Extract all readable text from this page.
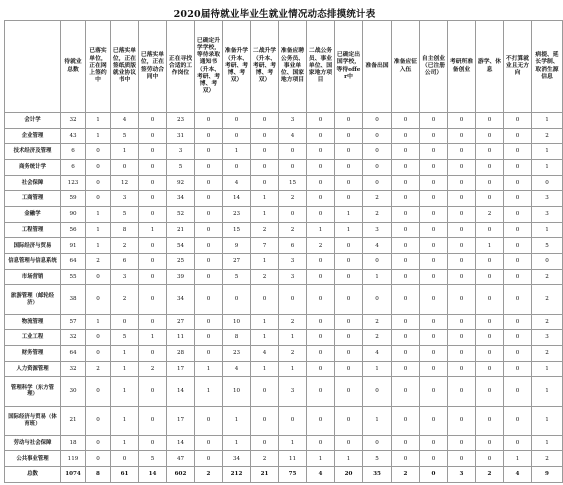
2020届待就业毕业生就业情况动态排摸统计表
	待就业总数	已落实单位，正在网上签约中	已落实单位，正在签纸质版就业协议书中	已落实单位，正在签劳动合同中	正在寻找合适的工作岗位	已确定升学学校，等待录取通知书（升本、考研、考博、考双）	准备升学（升本、考研、考博、考双）	二战升学（升本、考研、考博、考双）	准备应聘公务员、事业单位、国家地方项目	二战公务员、事业单位、国家地方项目	已确定出国学校，等待offer中	准备出国	准备应征入伍	自主创业（已注册公司）	考研所准备创业	游学、休息	不打算就业且无方向	病提、延长学制、取消生源信息
会计学	32	1	4	0	23	0	0	0	3	0	0	0	0	0	0	0	0	1
企业管理	43	1	5	0	31	0	0	0	4	0	0	0	0	0	0	0	0	2
技术经济及管理	6	0	1	0	3	0	1	0	0	0	0	0	0	0	0	0	0	1
商务统计学	6	0	0	0	5	0	0	0	0	0	0	0	0	0	0	0	0	1
社会保障	123	0	12	0	92	0	4	0	15	0	0	0	0	0	0	0	0	0
工商管理	59	0	3	0	34	0	14	1	2	0	0	2	0	0	0	0	0	3
金融学	90	1	5	0	52	0	23	1	0	0	1	2	0	0	0	2	0	3
工程管理	56	1	8	1	21	0	15	2	2	1	1	3	0	0	0	0	0	1
国际经济与贸易	91	1	2	0	54	0	9	7	6	2	0	4	0	0	0	1	0	5
信息管理与信息系统	64	2	6	0	25	0	27	1	3	0	0	0	0	0	0	0	0	0
市场营销	55	0	3	0	39	0	5	2	3	0	0	1	0	0	0	0	0	2
旅游管理（邮轮经济）	38	0	2	0	34	0	0	0	0	0	0	0	0	0	0	0	0	2
物流管理	57	1	0	0	27	0	10	1	2	0	0	2	0	0	0	0	0	2
工业工程	32	0	5	1	11	0	8	1	1	0	0	2	0	0	0	0	0	3
财务管理	64	0	1	0	28	0	23	4	2	0	0	4	0	0	0	0	0	2
人力资源管理	32	2	1	2	17	1	4	1	1	0	0	1	0	0	0	0	0	1
管理科学（东方管理）	30	0	1	0	14	1	10	0	3	0	0	0	0	0	0	0	0	1
国际经济与贸易（体育班）	21	0	1	0	17	0	1	0	0	0	0	1	0	0	0	0	0	1
劳动与社会保障	18	0	1	0	14	0	1	0	1	0	0	0	0	0	0	0	0	1
公共事业管理	119	0	0	5	47	0	34	2	11	1	1	5	0	0	0	0	1	2
总数	1074	8	61	14	602	2	212	21	75	4	20	35	2	0	3	2	4	9
